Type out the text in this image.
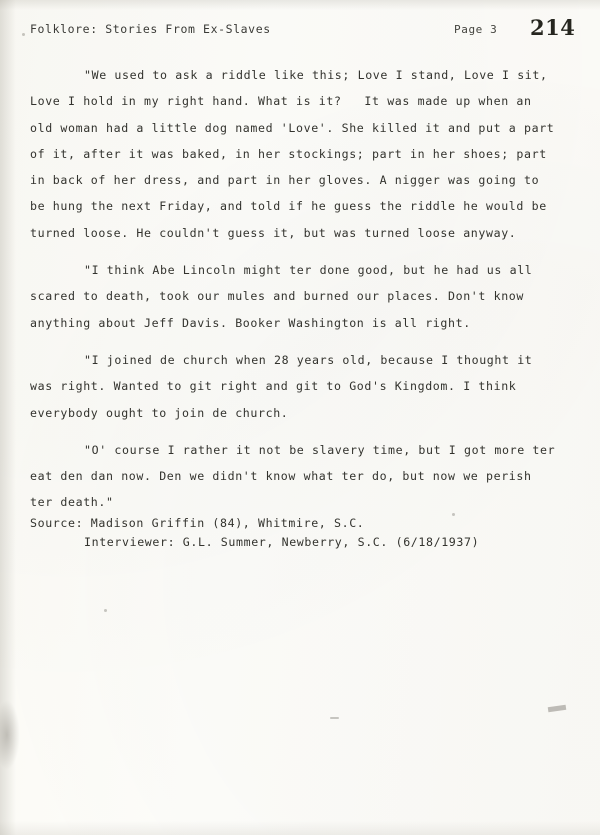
Folklore: Stories From Ex-Slaves	Page 3 214
"We used to ask a riddle like this; Love I stand, Love I sit,
Love I hold in my right hand. What is it?   It was made up when an
old woman had a little dog named 'Love'. She killed it and put a part
of it, after it was baked, in her stockings; part in her shoes; part
in back of her dress, and part in her gloves. A nigger was going to
be hung the next Friday, and told if he guess the riddle he would be
turned loose. He couldn't guess it, but was turned loose anyway.
"I think Abe Lincoln might ter done good, but he had us all
scared to death, took our mules and burned our places. Don't know
anything about Jeff Davis. Booker Washington is all right.
"I joined de church when 28 years old, because I thought it
was right. Wanted to git right and git to God's Kingdom. I think
everybody ought to join de church.
"O' course I rather it not be slavery time, but I got more ter
eat den dan now. Den we didn't know what ter do, but now we perish
ter death."
Source: Madison Griffin (84), Whitmire, S.C.
Interviewer: G.L. Summer, Newberry, S.C. (6/18/1937)
